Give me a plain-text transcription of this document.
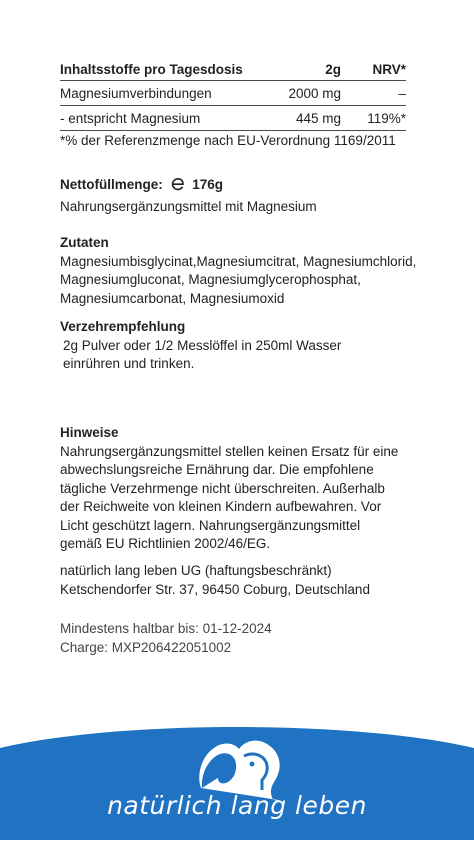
Inhaltsstoffe pro Tagesdosis	2g	NRV*
Magnesiumverbindungen	2000 mg	–
- entspricht Magnesium	445 mg	119%*
*% der Referenzmenge nach EU-Verordnung 1169/2011
Nettofüllmenge: 176g
Nahrungsergänzungsmittel mit Magnesium
Zutaten
Magnesiumbisglycinat,Magnesiumcitrat, Magnesiumchlorid,
Magnesiumgluconat, Magnesiumglycerophosphat,
Magnesiumcarbonat, Magnesiumoxid
Verzehrempfehlung
2g Pulver oder 1/2 Messlöffel in 250ml Wasser
einrühren und trinken.
Hinweise
Nahrungsergänzungsmittel stellen keinen Ersatz für eine
abwechslungsreiche Ernährung dar. Die empfohlene
tägliche Verzehrmenge nicht überschreiten. Außerhalb
der Reichweite von kleinen Kindern aufbewahren. Vor
Licht geschützt lagern. Nahrungsergänzungsmittel
gemäß EU Richtlinien 2002/46/EG.
natürlich lang leben UG (haftungsbeschränkt)
Ketschendorfer Str. 37, 96450 Coburg, Deutschland
Mindestens haltbar bis: 01-12-2024
Charge: MXP206422051002
natürlich lang leben
